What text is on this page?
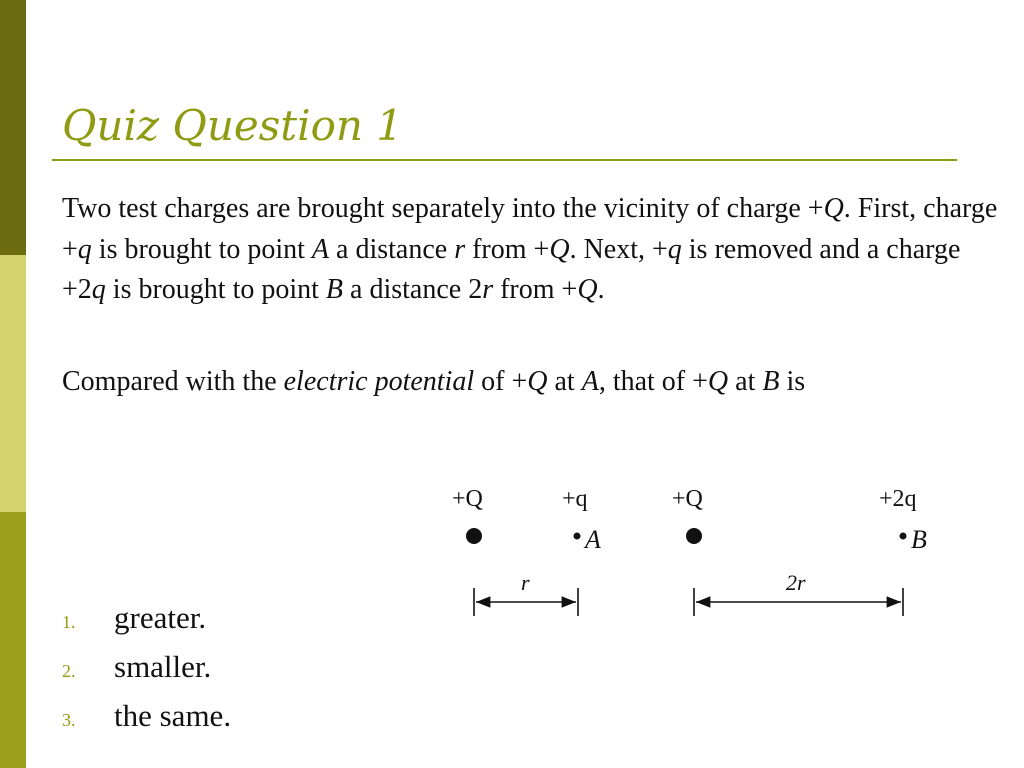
Quiz Question 1

Two test charges are brought separately into the vicinity of charge +Q. First, charge +q is brought to point A a distance r from +Q. Next, +q is removed and a charge +2q is brought to point B a distance 2r from +Q.

Compared with the electric potential of +Q at A, that of +Q at B is

+Q	+q
A
r
+Q	+2q
B
2r
1.	greater.
2.	smaller.
3.	the same.
